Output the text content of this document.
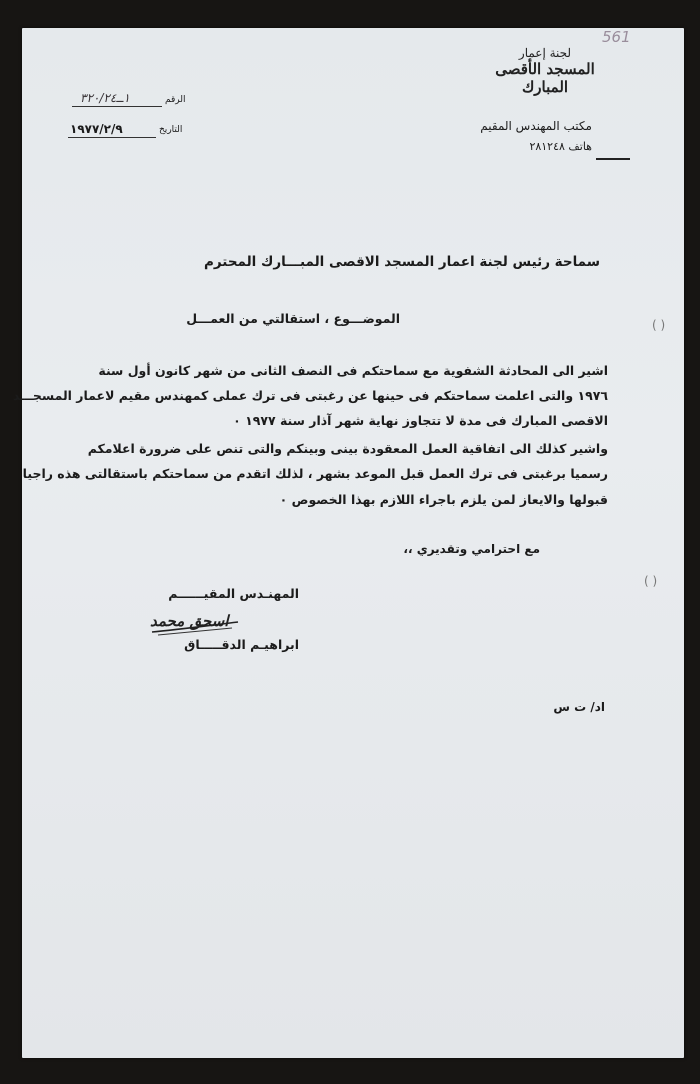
561
لجنة إعمار
المسجد الأقصى المبارك
مكتب المهندس المقيم
هاتف ٢٨١٢٤٨
الرقم
١ــ٣٢٠/٢٤
التاريخ
١٩٧٧/٢/٩
سماحة رئيس لجنة اعمار المسجد الاقصى المبـــارك المحترم
الموضـــوع ، استقالتي من العمـــل
اشير الى المحادثة الشفوية مع سماحتكم فى النصف الثانى من شهر كانون أول سنة
١٩٧٦ والتى اعلمت سماحتكم فى حينها عن رغبتى فى ترك عملى كمهندس مقيم لاعمار المسجـــد
الاقصى المبارك فى مدة لا تتجاوز نهاية شهر آذار سنة ١٩٧٧ ٠
واشير كذلك الى اتفاقية العمل المعقودة بينى وبينكم والتى تنص على ضرورة اعلامكم
رسميا برغبتى فى ترك العمل قبل الموعد بشهر ، لذلك اتقدم من سماحتكم باستقالتى هذه راجيا
قبولها والايعاز لمن يلزم باجراء اللازم بهذا الخصوص ٠
مع احترامي وتقديري ،،
المهنـدس المقيــــــم
اسحق محمد
ابراهيـم الدقـــــاق
اد/ ت س
( )
( )
